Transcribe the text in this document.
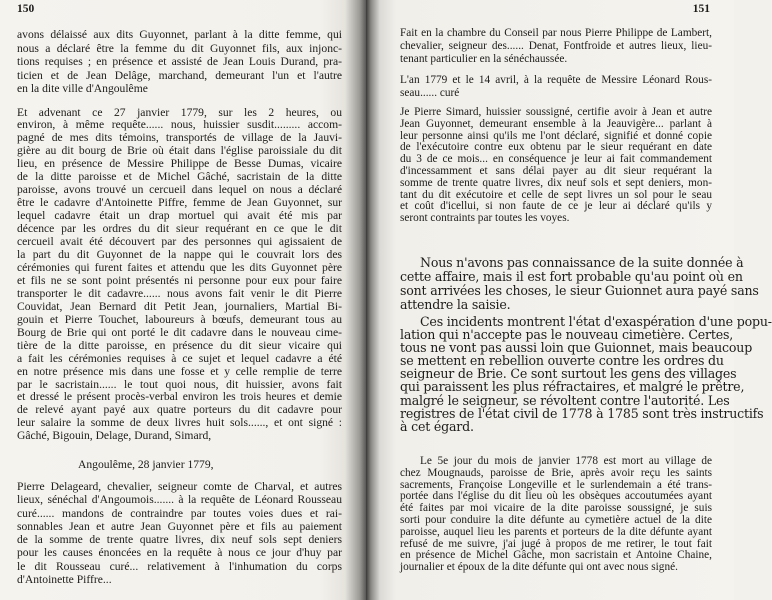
150
avons délaissé aux dits Guyonnet, parlant à la ditte femme, qui
nous a déclaré être la femme du dit Guyonnet fils, aux injonc-
tions requises ; en présence et assisté de Jean Louis Durand, pra-
ticien et de Jean Delâge, marchand, demeurant l'un et l'autre
en la dite ville d'Angoulême
Et advenant ce 27 janvier 1779, sur les 2 heures, ou
environ, à même requête...... nous, huissier susdit......... accom-
pagné de mes dits témoins, transportés de village de la Jauvi-
gière au dit bourg de Brie où était dans l'église paroissiale du dit
lieu, en présence de Messire Philippe de Besse Dumas, vicaire
de la ditte paroisse et de Michel Gâché, sacristain de la ditte
paroisse, avons trouvé un cercueil dans lequel on nous a déclaré
être le cadavre d'Antoinette Piffre, femme de Jean Guyonnet, sur
lequel cadavre était un drap mortuel qui avait été mis par
décence par les ordres du dit sieur requérant en ce que le dit
cercueil avait été découvert par des personnes qui agissaient de
la part du dit Guyonnet de la nappe qui le couvrait lors des
cérémonies qui furent faites et attendu que les dits Guyonnet père
et fils ne se sont point présentés ni personne pour eux pour faire
transporter le dit cadavre...... nous avons fait venir le dit Pierre
Couvidat, Jean Bernard dit Petit Jean, journaliers, Martial Bi-
gouin et Pierre Touchet, laboureurs à bœufs, demeurant tous au
Bourg de Brie qui ont porté le dit cadavre dans le nouveau cime-
tière de la ditte paroisse, en présence du dit sieur vicaire qui
a fait les cérémonies requises à ce sujet et lequel cadavre a été
en notre présence mis dans une fosse et y celle remplie de terre
par le sacristain...... le tout quoi nous, dit huissier, avons fait
et dressé le présent procès-verbal environ les trois heures et demie
de relevé ayant payé aux quatre porteurs du dit cadavre pour
leur salaire la somme de deux livres huit sols......, et ont signé :
Gâché, Bigouin, Delage, Durand, Simard,
Angoulême, 28 janvier 1779,
Pierre Delageard, chevalier, seigneur comte de Charval, et autres
lieux, sénéchal d'Angoumois....... à la requête de Léonard Rousseau
curé...... mandons de contraindre par toutes voies dues et rai-
sonnables Jean et autre Jean Guyonnet père et fils au paiement
de la somme de trente quatre livres, dix neuf sols sept deniers
pour les causes énoncées en la requête à nous ce jour d'huy par
le dit Rousseau curé... relativement à l'inhumation du corps
d'Antoinette Piffre...
151
Fait en la chambre du Conseil par nous Pierre Philippe de Lambert,
chevalier, seigneur des...... Denat, Fontfroide et autres lieux, lieu-
tenant particulier en la sénéchaussée.
L'an 1779 et le 14 avril, à la requête de Messire Léonard Rous-
seau...... curé
Je Pierre Simard, huissier soussigné, certifie avoir à Jean et autre
Jean Guyonnet, demeurant ensemble à la Jeauvigère... parlant à
leur personne ainsi qu'ils me l'ont déclaré, signifié et donné copie
de l'exécutoire contre eux obtenu par le sieur requérant en date
du 3 de ce mois... en conséquence je leur ai fait commandement
d'incessamment et sans délai payer au dit sieur requérant la
somme de trente quatre livres, dix neuf sols et sept deniers, mon-
tant du dit exécutoire et celle de sept livres un sol pour le seau
et coût d'icellui, si non faute de ce je leur ai déclaré qu'ils y
seront contraints par toutes les voyes.
Nous n'avons pas connaissance de la suite donnée à
cette affaire, mais il est fort probable qu'au point où en
sont arrivées les choses, le sieur Guionnet aura payé sans
attendre la saisie.
Ces incidents montrent l'état d'exaspération d'une popu-
lation qui n'accepte pas le nouveau cimetière. Certes,
tous ne vont pas aussi loin que Guionnet, mais beaucoup
se mettent en rebellion ouverte contre les ordres du
seigneur de Brie. Ce sont surtout les gens des villages
qui paraissent les plus réfractaires, et malgré le prêtre,
malgré le seigneur, se révoltent contre l'autorité. Les
registres de l'état civil de 1778 à 1785 sont très instructifs
à cet égard.
Le 5e jour du mois de janvier 1778 est mort au village de
chez Mougnauds, paroisse de Brie, après avoir reçu les saints
sacrements, Françoise Longeville et le surlendemain a été trans-
portée dans l'église du dit lieu où les obsèques accoutumées ayant
été faites par moi vicaire de la dite paroisse soussigné, je suis
sorti pour conduire la dite défunte au cymetière actuel de la dite
paroisse, auquel lieu les parents et porteurs de la dite défunte ayant
refusé de me suivre, j'ai jugé à propos de me retirer, le tout fait
en présence de Michel Gâche, mon sacristain et Antoine Chaine,
journalier et époux de la dite défunte qui ont avec nous signé.
